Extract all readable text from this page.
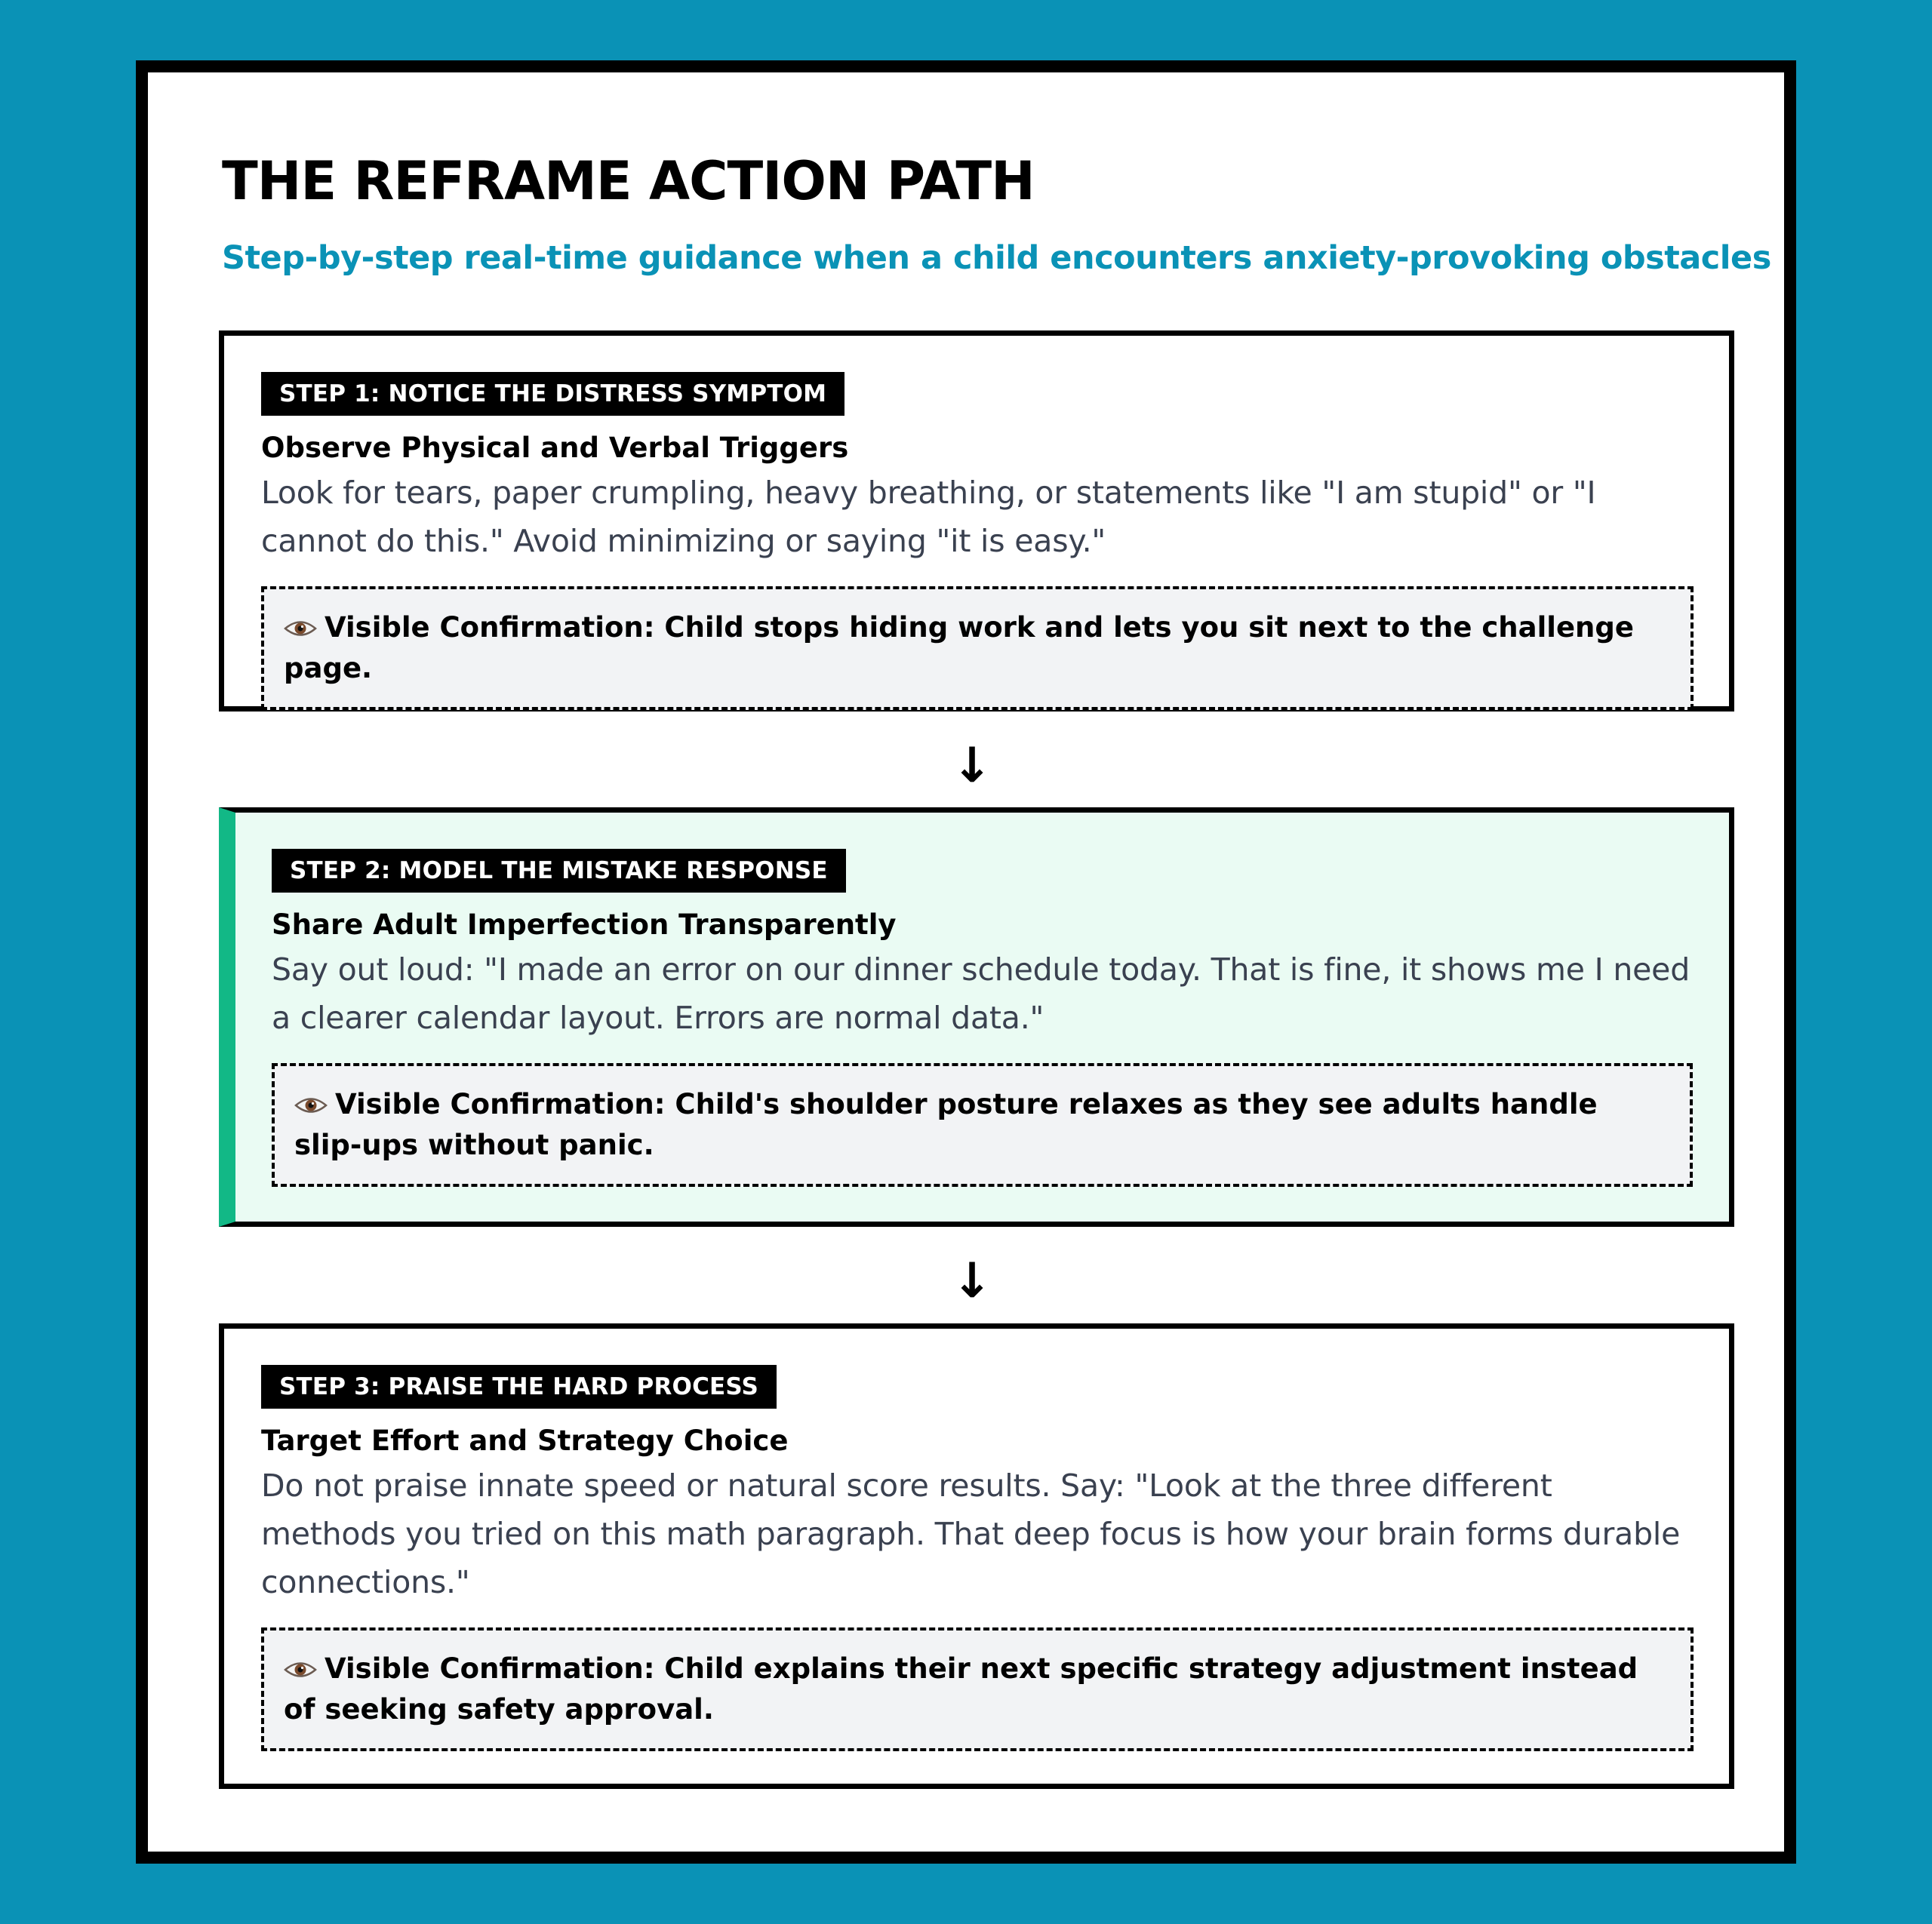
THE REFRAME ACTION PATH

Step-by-step real-time guidance when a child encounters anxiety-provoking obstacles

STEP 1: NOTICE THE DISTRESS SYMPTOM
Observe Physical and Verbal Triggers
Look for tears, paper crumpling, heavy breathing, or statements like "I am stupid" or "I cannot do this." Avoid minimizing or saying "it is easy."
Visible Confirmation: Child stops hiding work and lets you sit next to the challenge page.
↓
STEP 2: MODEL THE MISTAKE RESPONSE
Share Adult Imperfection Transparently
Say out loud: "I made an error on our dinner schedule today. That is fine, it shows me I need a clearer calendar layout. Errors are normal data."
Visible Confirmation: Child's shoulder posture relaxes as they see adults handle slip-ups without panic.
↓
STEP 3: PRAISE THE HARD PROCESS
Target Effort and Strategy Choice
Do not praise innate speed or natural score results. Say: "Look at the three different methods you tried on this math paragraph. That deep focus is how your brain forms durable connections."
Visible Confirmation: Child explains their next specific strategy adjustment instead of seeking safety approval.
